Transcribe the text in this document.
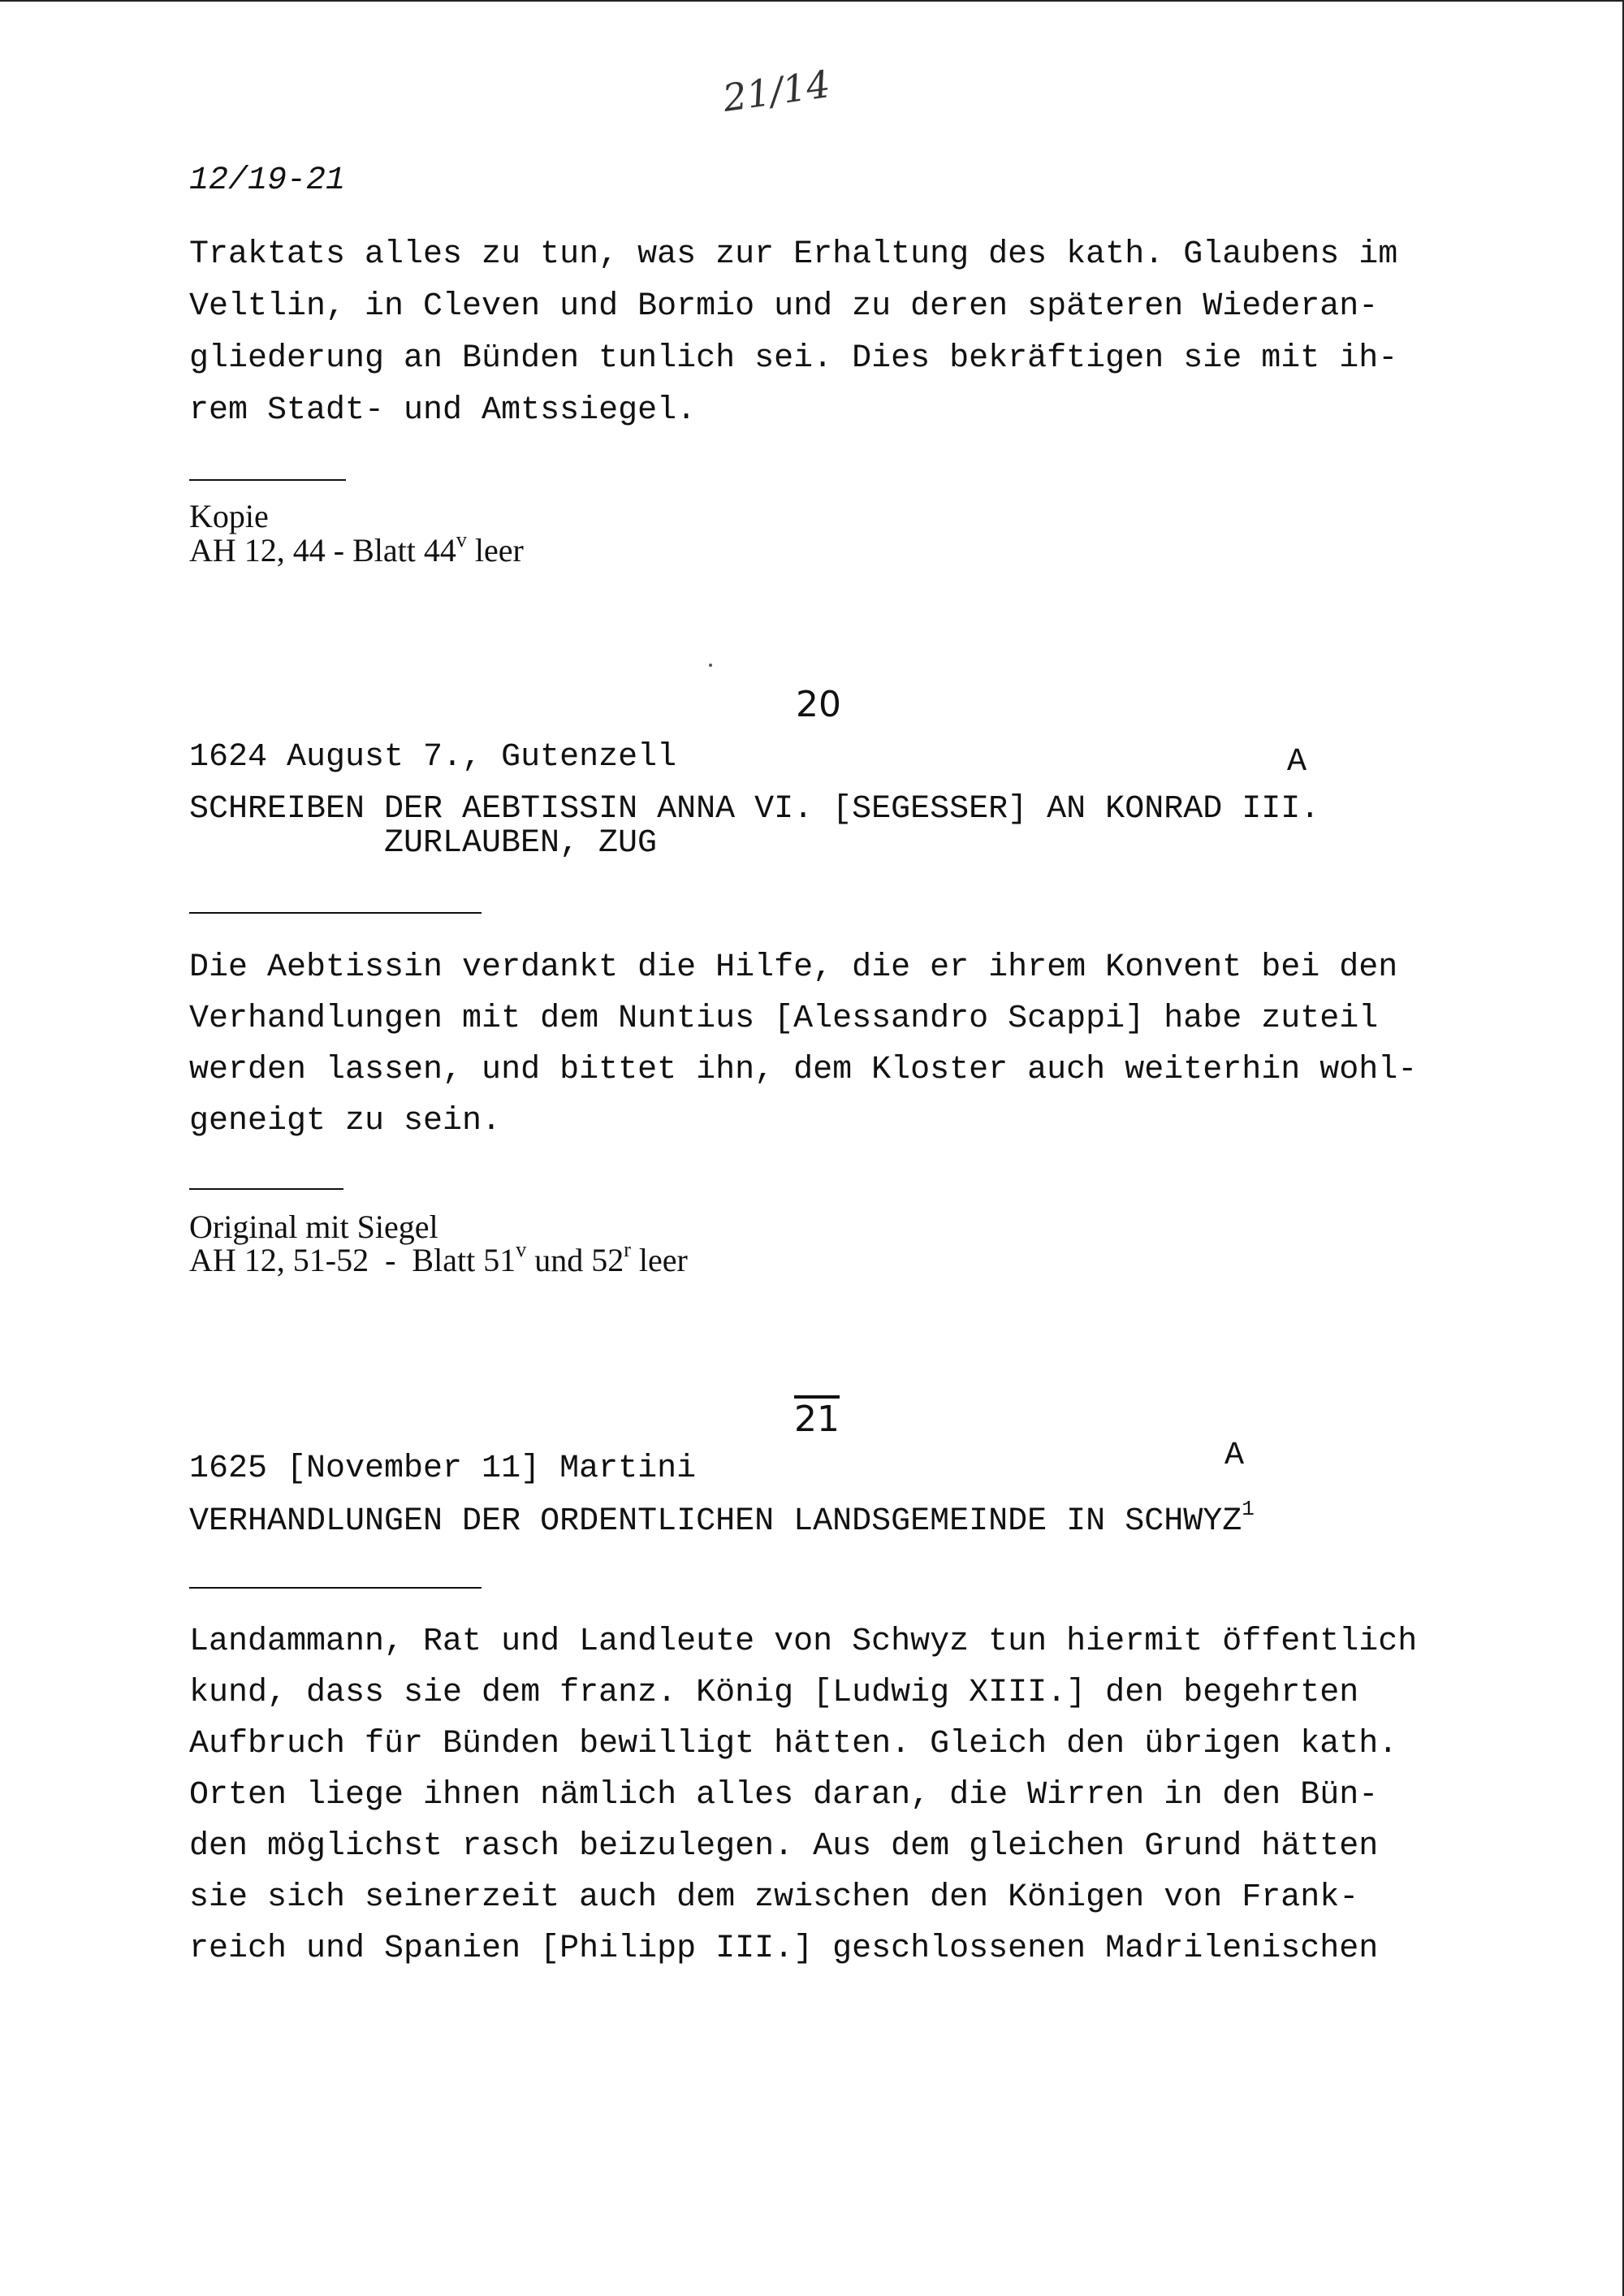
21/14
12/19-21
Traktats alles zu tun, was zur Erhaltung des kath. Glaubens im
Veltlin, in Cleven und Bormio und zu deren späteren Wiederan-
gliederung an Bünden tunlich sei. Dies bekräftigen sie mit ih-
rem Stadt- und Amtssiegel.
Kopie
AH 12, 44 - Blatt 44$^v$ leer
20
1624 August 7., Gutenzell	A
SCHREIBEN DER AEBTISSIN ANNA VI. [SEGESSER] AN KONRAD III.
ZURLAUBEN, ZUG
Die Aebtissin verdankt die Hilfe, die er ihrem Konvent bei den
Verhandlungen mit dem Nuntius [Alessandro Scappi] habe zuteil
werden lassen, und bittet ihn, dem Kloster auch weiterhin wohl-
geneigt zu sein.
Original mit Siegel
AH 12, 51-52  -  Blatt 51$^v$ und 52$^r$ leer
21
1625 [November 11] Martini	A
VERHANDLUNGEN DER ORDENTLICHEN LANDSGEMEINDE IN SCHWYZ$^1$
Landammann, Rat und Landleute von Schwyz tun hiermit öffentlich
kund, dass sie dem franz. König [Ludwig XIII.] den begehrten
Aufbruch für Bünden bewilligt hätten. Gleich den übrigen kath.
Orten liege ihnen nämlich alles daran, die Wirren in den Bün-
den möglichst rasch beizulegen. Aus dem gleichen Grund hätten
sie sich seinerzeit auch dem zwischen den Königen von Frank-
reich und Spanien [Philipp III.] geschlossenen Madrilenischen
